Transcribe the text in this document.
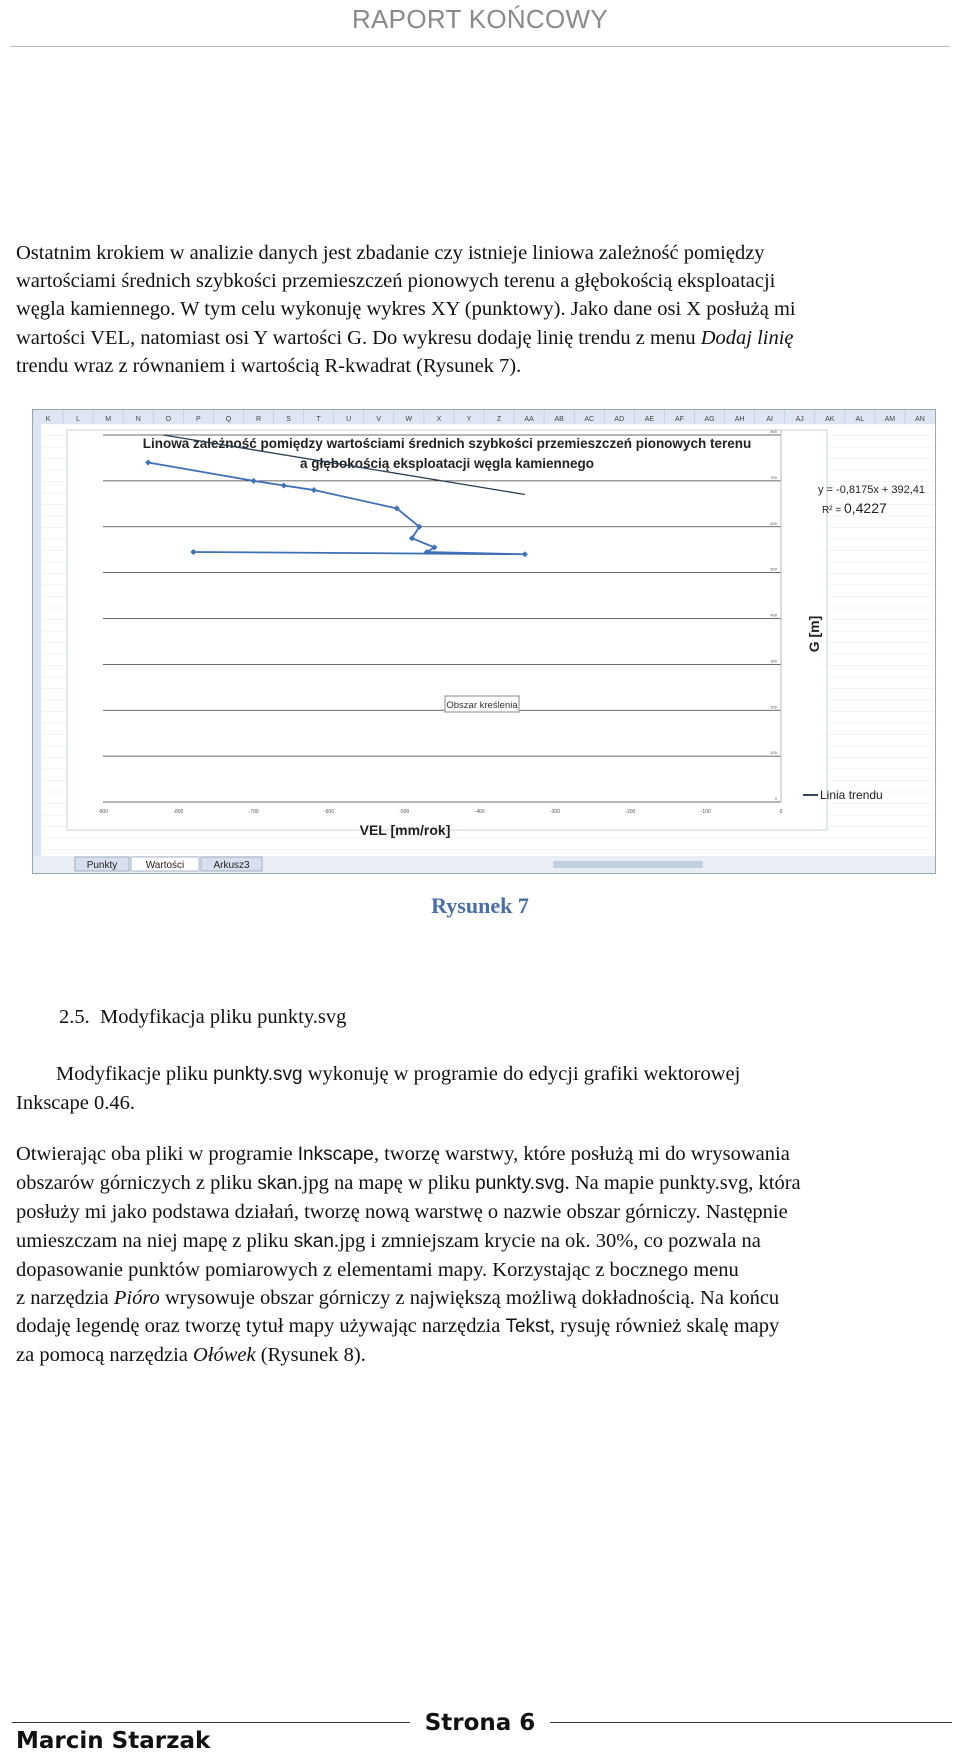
RAPORT KOŃCOWY
Ostatnim krokiem w analizie danych jest zbadanie czy istnieje liniowa zależność pomiędzy
wartościami średnich szybkości przemieszczeń pionowych terenu a głębokością eksploatacji
węgla kamiennego. W tym celu wykonuję wykres XY (punktowy). Jako dane osi X posłużą mi
wartości VEL, natomiast osi Y wartości G. Do wykresu dodaję linię trendu z menu Dodaj linię
trendu wraz z równaniem i wartością R-kwadrat (Rysunek 7).
K	L	M	N	O	P	Q	R	S	T	U	V	W	X	Y	Z	AA	AB	AC	AD	AE	AF	AG	AH	AI	AJ	AK	AL	AM	AN
Linowa zależność pomiędzy wartościami średnich szybkości przemieszczeń pionowych terenu
a głębokością eksploatacji węgla kamiennego
0
100
200
300
400
500
600
700
800
-900	-800	-700	-600	-500	-400	-300	-200	-100	0
y = -0,8175x + 392,41
R² = 0,4227
G [m]
Linia trendu
VEL [mm/rok]
Obszar kreślenia
Punkty	Wartości	Arkusz3
Rysunek 7
2.5. Modyfikacja pliku punkty.svg
Modyfikacje pliku punkty.svg wykonuję w programie do edycji grafiki wektorowej
Inkscape 0.46.
Otwierając oba pliki w programie Inkscape, tworzę warstwy, które posłużą mi do wrysowania
obszarów górniczych z pliku skan.jpg na mapę w pliku punkty.svg. Na mapie punkty.svg, która
posłuży mi jako podstawa działań, tworzę nową warstwę o nazwie obszar górniczy. Następnie
umieszczam na niej mapę z pliku skan.jpg i zmniejszam krycie na ok. 30%, co pozwala na
dopasowanie punktów pomiarowych z elementami mapy. Korzystając z bocznego menu
z narzędzia Pióro wrysowuje obszar górniczy z największą możliwą dokładnością. Na końcu
dodaję legendę oraz tworzę tytuł mapy używając narzędzia Tekst, rysuję również skalę mapy
za pomocą narzędzia Ołówek (Rysunek 8).
Strona 6
Marcin Starzak
